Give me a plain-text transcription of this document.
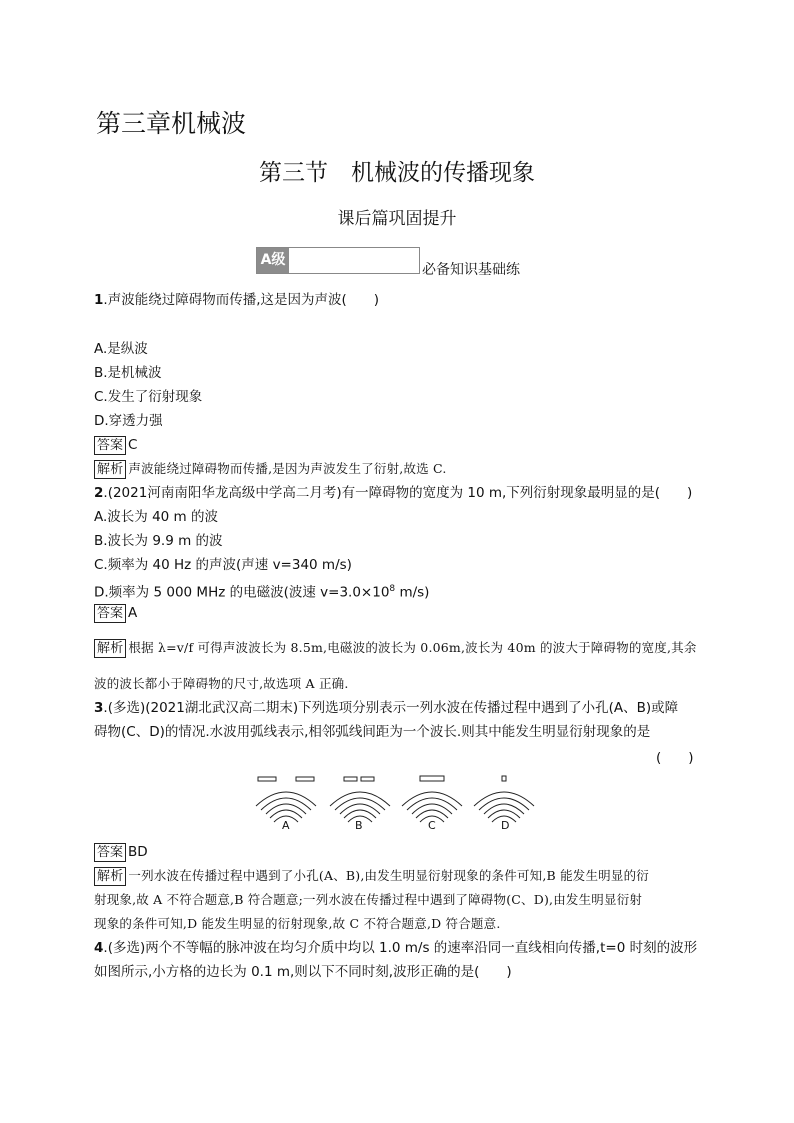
第三章机械波
第三节　机械波的传播现象
课后篇巩固提升
A级
必备知识基础练
1.声波能绕过障碍物而传播,这是因为声波(　　)
A.是纵波
B.是机械波
C.发生了衍射现象
D.穿透力强
答案 C
解析 声波能绕过障碍物而传播,是因为声波发生了衍射,故选 C.
2.(2021河南南阳华龙高级中学高二月考)有一障碍物的宽度为 10 m,下列衍射现象最明显的是(　　)
A.波长为 40 m 的波
B.波长为 9.9 m 的波
C.频率为 40 Hz 的声波(声速 v=340 m/s)
D.频率为 5 000 MHz 的电磁波(波速 $v=3.0\times 10^8$ m/s)
答案 A
解析 根据 λ=v/f 可得声波波长为 8.5m,电磁波的波长为 0.06m,波长为 40m 的波大于障碍物的宽度,其余
波的波长都小于障碍物的尺寸,故选项 A 正确.
3.(多选)(2021湖北武汉高二期末)下列选项分别表示一列水波在传播过程中遇到了小孔(A、B)或障
碍物(C、D)的情况.水波用弧线表示,相邻弧线间距为一个波长.则其中能发生明显衍射现象的是
(　　)
A	B	C	D
答案 BD
解析 一列水波在传播过程中遇到了小孔(A、B),由发生明显衍射现象的条件可知,B 能发生明显的衍
射现象,故 A 不符合题意,B 符合题意;一列水波在传播过程中遇到了障碍物(C、D),由发生明显衍射
现象的条件可知,D 能发生明显的衍射现象,故 C 不符合题意,D 符合题意.
4.(多选)两个不等幅的脉冲波在均匀介质中均以 1.0 m/s 的速率沿同一直线相向传播,t=0 时刻的波形
如图所示,小方格的边长为 0.1 m,则以下不同时刻,波形正确的是(　　)
